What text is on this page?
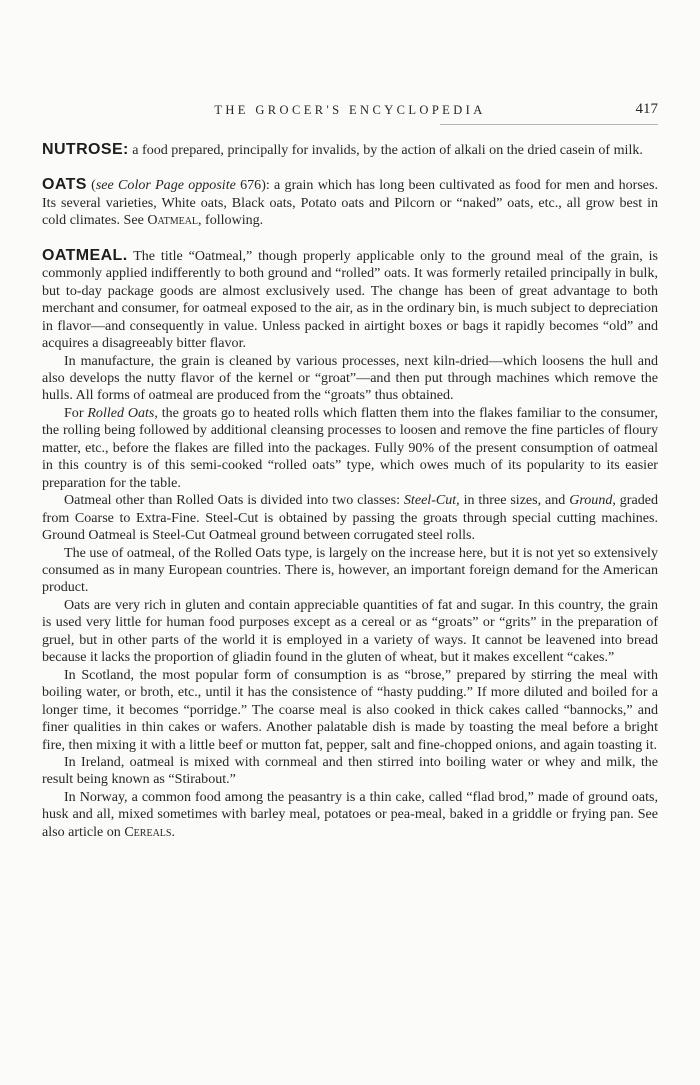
THE GROCER'S ENCYCLOPEDIA	417

NUTROSE: a food prepared, principally for invalids, by the action of alkali on the dried casein of milk.

OATS (see Color Page opposite 676): a grain which has long been cultivated as food for men and horses. Its several varieties, White oats, Black oats, Potato oats and Pilcorn or “naked” oats, etc., all grow best in cold climates. See Oatmeal, following.

OATMEAL. The title “Oatmeal,” though properly applicable only to the ground meal of the grain, is commonly applied indifferently to both ground and “rolled” oats. It was formerly retailed principally in bulk, but to-day package goods are almost exclusively used. The change has been of great advantage to both merchant and consumer, for oatmeal exposed to the air, as in the ordinary bin, is much subject to depreciation in flavor—and consequently in value. Unless packed in airtight boxes or bags it rapidly becomes “old” and acquires a disagreeably bitter flavor.

In manufacture, the grain is cleaned by various processes, next kiln-dried—which loosens the hull and also develops the nutty flavor of the kernel or “groat”—and then put through machines which remove the hulls. All forms of oatmeal are produced from the “groats” thus obtained.

For Rolled Oats, the groats go to heated rolls which flatten them into the flakes familiar to the consumer, the rolling being followed by additional cleansing processes to loosen and remove the fine particles of floury matter, etc., before the flakes are filled into the packages. Fully 90% of the present consumption of oatmeal in this country is of this semi-cooked “rolled oats” type, which owes much of its popularity to its easier preparation for the table.

Oatmeal other than Rolled Oats is divided into two classes: Steel-Cut, in three sizes, and Ground, graded from Coarse to Extra-Fine. Steel-Cut is obtained by passing the groats through special cutting machines. Ground Oatmeal is Steel-Cut Oatmeal ground between corrugated steel rolls.

The use of oatmeal, of the Rolled Oats type, is largely on the increase here, but it is not yet so extensively consumed as in many European countries. There is, however, an important foreign demand for the American product.

Oats are very rich in gluten and contain appreciable quantities of fat and sugar. In this country, the grain is used very little for human food purposes except as a cereal or as “groats” or “grits” in the preparation of gruel, but in other parts of the world it is employed in a variety of ways. It cannot be leavened into bread because it lacks the proportion of gliadin found in the gluten of wheat, but it makes excellent “cakes.”

In Scotland, the most popular form of consumption is as “brose,” prepared by stirring the meal with boiling water, or broth, etc., until it has the consistence of “hasty pudding.” If more diluted and boiled for a longer time, it becomes “porridge.” The coarse meal is also cooked in thick cakes called “bannocks,” and finer qualities in thin cakes or wafers. Another palatable dish is made by toasting the meal before a bright fire, then mixing it with a little beef or mutton fat, pepper, salt and fine-chopped onions, and again toasting it.

In Ireland, oatmeal is mixed with cornmeal and then stirred into boiling water or whey and milk, the result being known as “Stirabout.”

In Norway, a common food among the peasantry is a thin cake, called “flad brod,” made of ground oats, husk and all, mixed sometimes with barley meal, potatoes or pea-meal, baked in a griddle or frying pan. See also article on Cereals.
